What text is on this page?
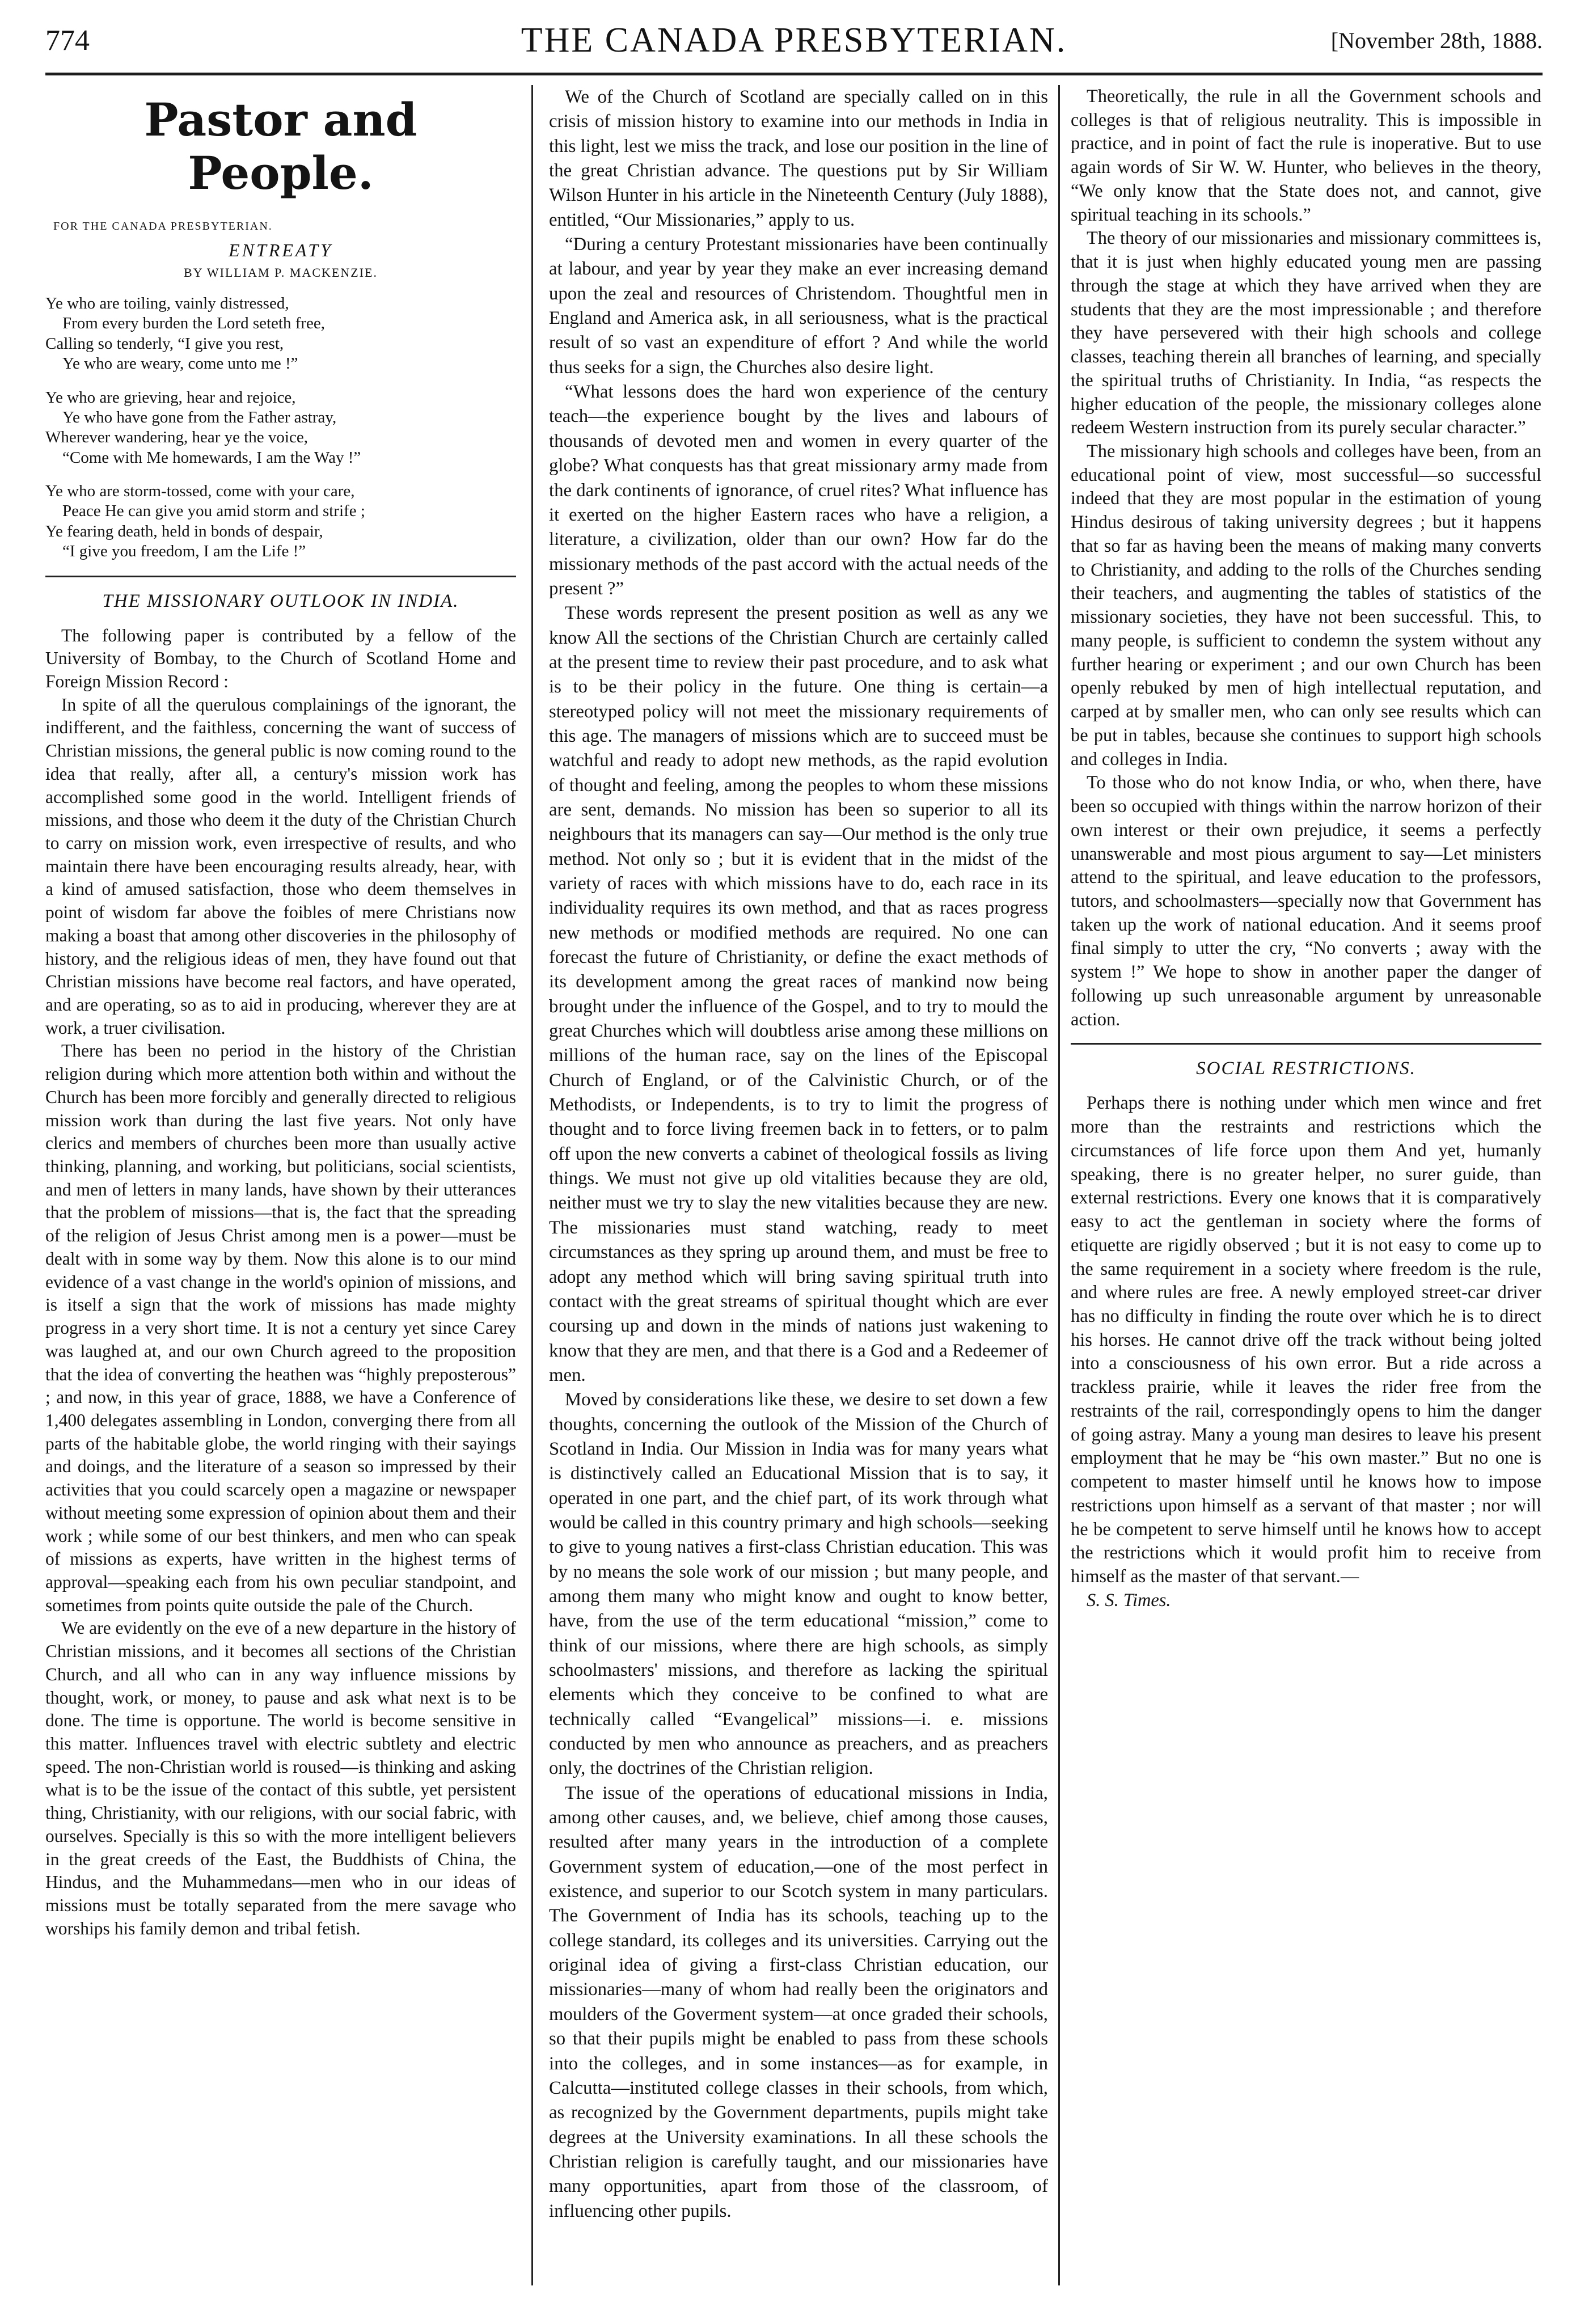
774	THE CANADA PRESBYTERIAN.	[November 28th, 1888.
Pastor and People.
FOR THE CANADA PRESBYTERIAN.
ENTREATY
BY WILLIAM P. MACKENZIE.
Ye who are toiling, vainly distressed,
From every burden the Lord seteth free,
Calling so tenderly, “I give you rest,
Ye who are weary, come unto me !”
Ye who are grieving, hear and rejoice,
Ye who have gone from the Father astray,
Wherever wandering, hear ye the voice,
“Come with Me homewards, I am the Way !”
Ye who are storm-tossed, come with your care,
Peace He can give you amid storm and strife ;
Ye fearing death, held in bonds of despair,
“I give you freedom, I am the Life !”
THE MISSIONARY OUTLOOK IN INDIA.

The following paper is contributed by a fellow of the University of Bombay, to the Church of Scotland Home and Foreign Mission Record :

In spite of all the querulous complainings of the ignorant, the indifferent, and the faithless, concerning the want of success of Christian missions, the general public is now coming round to the idea that really, after all, a century's mission work has accomplished some good in the world. Intelligent friends of missions, and those who deem it the duty of the Christian Church to carry on mission work, even irrespective of results, and who maintain there have been encouraging results already, hear, with a kind of amused satisfaction, those who deem themselves in point of wisdom far above the foibles of mere Christians now making a boast that among other discoveries in the philosophy of history, and the religious ideas of men, they have found out that Christian missions have become real factors, and have operated, and are operating, so as to aid in producing, wherever they are at work, a truer civilisation.

There has been no period in the history of the Christian religion during which more attention both within and without the Church has been more forcibly and generally directed to religious mission work than during the last five years. Not only have clerics and members of churches been more than usually active thinking, planning, and working, but politicians, social scientists, and men of letters in many lands, have shown by their utterances that the problem of missions—that is, the fact that the spreading of the religion of Jesus Christ among men is a power—must be dealt with in some way by them. Now this alone is to our mind evidence of a vast change in the world's opinion of missions, and is itself a sign that the work of missions has made mighty progress in a very short time. It is not a century yet since Carey was laughed at, and our own Church agreed to the proposition that the idea of converting the heathen was “highly preposterous” ; and now, in this year of grace, 1888, we have a Conference of 1,400 delegates assembling in London, converging there from all parts of the habitable globe, the world ringing with their sayings and doings, and the literature of a season so impressed by their activities that you could scarcely open a magazine or newspaper without meeting some expression of opinion about them and their work ; while some of our best thinkers, and men who can speak of missions as experts, have written in the highest terms of approval—speaking each from his own peculiar standpoint, and sometimes from points quite outside the pale of the Church.

We are evidently on the eve of a new departure in the history of Christian missions, and it becomes all sections of the Christian Church, and all who can in any way influence missions by thought, work, or money, to pause and ask what next is to be done. The time is opportune. The world is become sensitive in this matter. Influences travel with electric subtlety and electric speed. The non-Christian world is roused—is thinking and asking what is to be the issue of the contact of this subtle, yet persistent thing, Christianity, with our religions, with our social fabric, with ourselves. Specially is this so with the more intelligent believers in the great creeds of the East, the Buddhists of China, the Hindus, and the Muhammedans—men who in our ideas of missions must be totally separated from the mere savage who worships his family demon and tribal fetish.

We of the Church of Scotland are specially called on in this crisis of mission history to examine into our methods in India in this light, lest we miss the track, and lose our position in the line of the great Christian advance. The questions put by Sir William Wilson Hunter in his article in the Nineteenth Century (July 1888), entitled, “Our Missionaries,” apply to us.

“During a century Protestant missionaries have been continually at labour, and year by year they make an ever increasing demand upon the zeal and resources of Christendom. Thoughtful men in England and America ask, in all seriousness, what is the practical result of so vast an expenditure of effort ? And while the world thus seeks for a sign, the Churches also desire light.

“What lessons does the hard won experience of the century teach—the experience bought by the lives and labours of thousands of devoted men and women in every quarter of the globe? What conquests has that great missionary army made from the dark continents of ignorance, of cruel rites? What influence has it exerted on the higher Eastern races who have a religion, a literature, a civilization, older than our own? How far do the missionary methods of the past accord with the actual needs of the present ?”

These words represent the present position as well as any we know All the sections of the Christian Church are certainly called at the present time to review their past procedure, and to ask what is to be their policy in the future. One thing is certain—a stereotyped policy will not meet the missionary requirements of this age. The managers of missions which are to succeed must be watchful and ready to adopt new methods, as the rapid evolution of thought and feeling, among the peoples to whom these missions are sent, demands. No mission has been so superior to all its neighbours that its managers can say—Our method is the only true method. Not only so ; but it is evident that in the midst of the variety of races with which missions have to do, each race in its individuality requires its own method, and that as races progress new methods or modified methods are required. No one can forecast the future of Christianity, or define the exact methods of its development among the great races of mankind now being brought under the influence of the Gospel, and to try to mould the great Churches which will doubtless arise among these millions on millions of the human race, say on the lines of the Episcopal Church of England, or of the Calvinistic Church, or of the Methodists, or Independents, is to try to limit the progress of thought and to force living freemen back in to fetters, or to palm off upon the new converts a cabinet of theological fossils as living things. We must not give up old vitalities because they are old, neither must we try to slay the new vitalities because they are new. The missionaries must stand watching, ready to meet circumstances as they spring up around them, and must be free to adopt any method which will bring saving spiritual truth into contact with the great streams of spiritual thought which are ever coursing up and down in the minds of nations just wakening to know that they are men, and that there is a God and a Redeemer of men.

Moved by considerations like these, we desire to set down a few thoughts, concerning the outlook of the Mission of the Church of Scotland in India. Our Mission in India was for many years what is distinctively called an Educational Mission that is to say, it operated in one part, and the chief part, of its work through what would be called in this country primary and high schools—seeking to give to young natives a first-class Christian education. This was by no means the sole work of our mission ; but many people, and among them many who might know and ought to know better, have, from the use of the term educational “mission,” come to think of our missions, where there are high schools, as simply schoolmasters' missions, and therefore as lacking the spiritual elements which they conceive to be confined to what are technically called “Evangelical” missions—i. e. missions conducted by men who announce as preachers, and as preachers only, the doctrines of the Christian religion.

The issue of the operations of educational missions in India, among other causes, and, we believe, chief among those causes, resulted after many years in the introduction of a complete Government system of education,—one of the most perfect in existence, and superior to our Scotch system in many particulars. The Government of India has its schools, teaching up to the college standard, its colleges and its universities. Carrying out the original idea of giving a first-class Christian education, our missionaries—many of whom had really been the originators and moulders of the Goverment system—at once graded their schools, so that their pupils might be enabled to pass from these schools into the colleges, and in some instances—as for example, in Calcutta—instituted college classes in their schools, from which, as recognized by the Government departments, pupils might take degrees at the University examinations. In all these schools the Christian religion is carefully taught, and our missionaries have many opportunities, apart from those of the classroom, of influencing other pupils.

Theoretically, the rule in all the Government schools and colleges is that of religious neutrality. This is impossible in practice, and in point of fact the rule is inoperative. But to use again words of Sir W. W. Hunter, who believes in the theory, “We only know that the State does not, and cannot, give spiritual teaching in its schools.”

The theory of our missionaries and missionary committees is, that it is just when highly educated young men are passing through the stage at which they have arrived when they are students that they are the most impressionable ; and therefore they have persevered with their high schools and college classes, teaching therein all branches of learning, and specially the spiritual truths of Christianity. In India, “as respects the higher education of the people, the missionary colleges alone redeem Western instruction from its purely secular character.”

The missionary high schools and colleges have been, from an educational point of view, most successful—so successful indeed that they are most popular in the estimation of young Hindus desirous of taking university degrees ; but it happens that so far as having been the means of making many converts to Christianity, and adding to the rolls of the Churches sending their teachers, and augmenting the tables of statistics of the missionary societies, they have not been successful. This, to many people, is sufficient to condemn the system without any further hearing or experiment ; and our own Church has been openly rebuked by men of high intellectual reputation, and carped at by smaller men, who can only see results which can be put in tables, because she continues to support high schools and colleges in India.

To those who do not know India, or who, when there, have been so occupied with things within the narrow horizon of their own interest or their own prejudice, it seems a perfectly unanswerable and most pious argument to say—Let ministers attend to the spiritual, and leave education to the professors, tutors, and schoolmasters—specially now that Government has taken up the work of national education. And it seems proof final simply to utter the cry, “No converts ; away with the system !” We hope to show in another paper the danger of following up such unreasonable argument by unreasonable action.

SOCIAL RESTRICTIONS.

Perhaps there is nothing under which men wince and fret more than the restraints and restrictions which the circumstances of life force upon them And yet, humanly speaking, there is no greater helper, no surer guide, than external restrictions. Every one knows that it is comparatively easy to act the gentleman in society where the forms of etiquette are rigidly observed ; but it is not easy to come up to the same requirement in a society where freedom is the rule, and where rules are free. A newly employed street-car driver has no difficulty in finding the route over which he is to direct his horses. He cannot drive off the track without being jolted into a consciousness of his own error. But a ride across a trackless prairie, while it leaves the rider free from the restraints of the rail, correspondingly opens to him the danger of going astray. Many a young man desires to leave his present employment that he may be “his own master.” But no one is competent to master himself until he knows how to impose restrictions upon himself as a servant of that master ; nor will he be competent to serve himself until he knows how to accept the restrictions which it would profit him to receive from himself as the master of that servant.—

S. S. Times.
